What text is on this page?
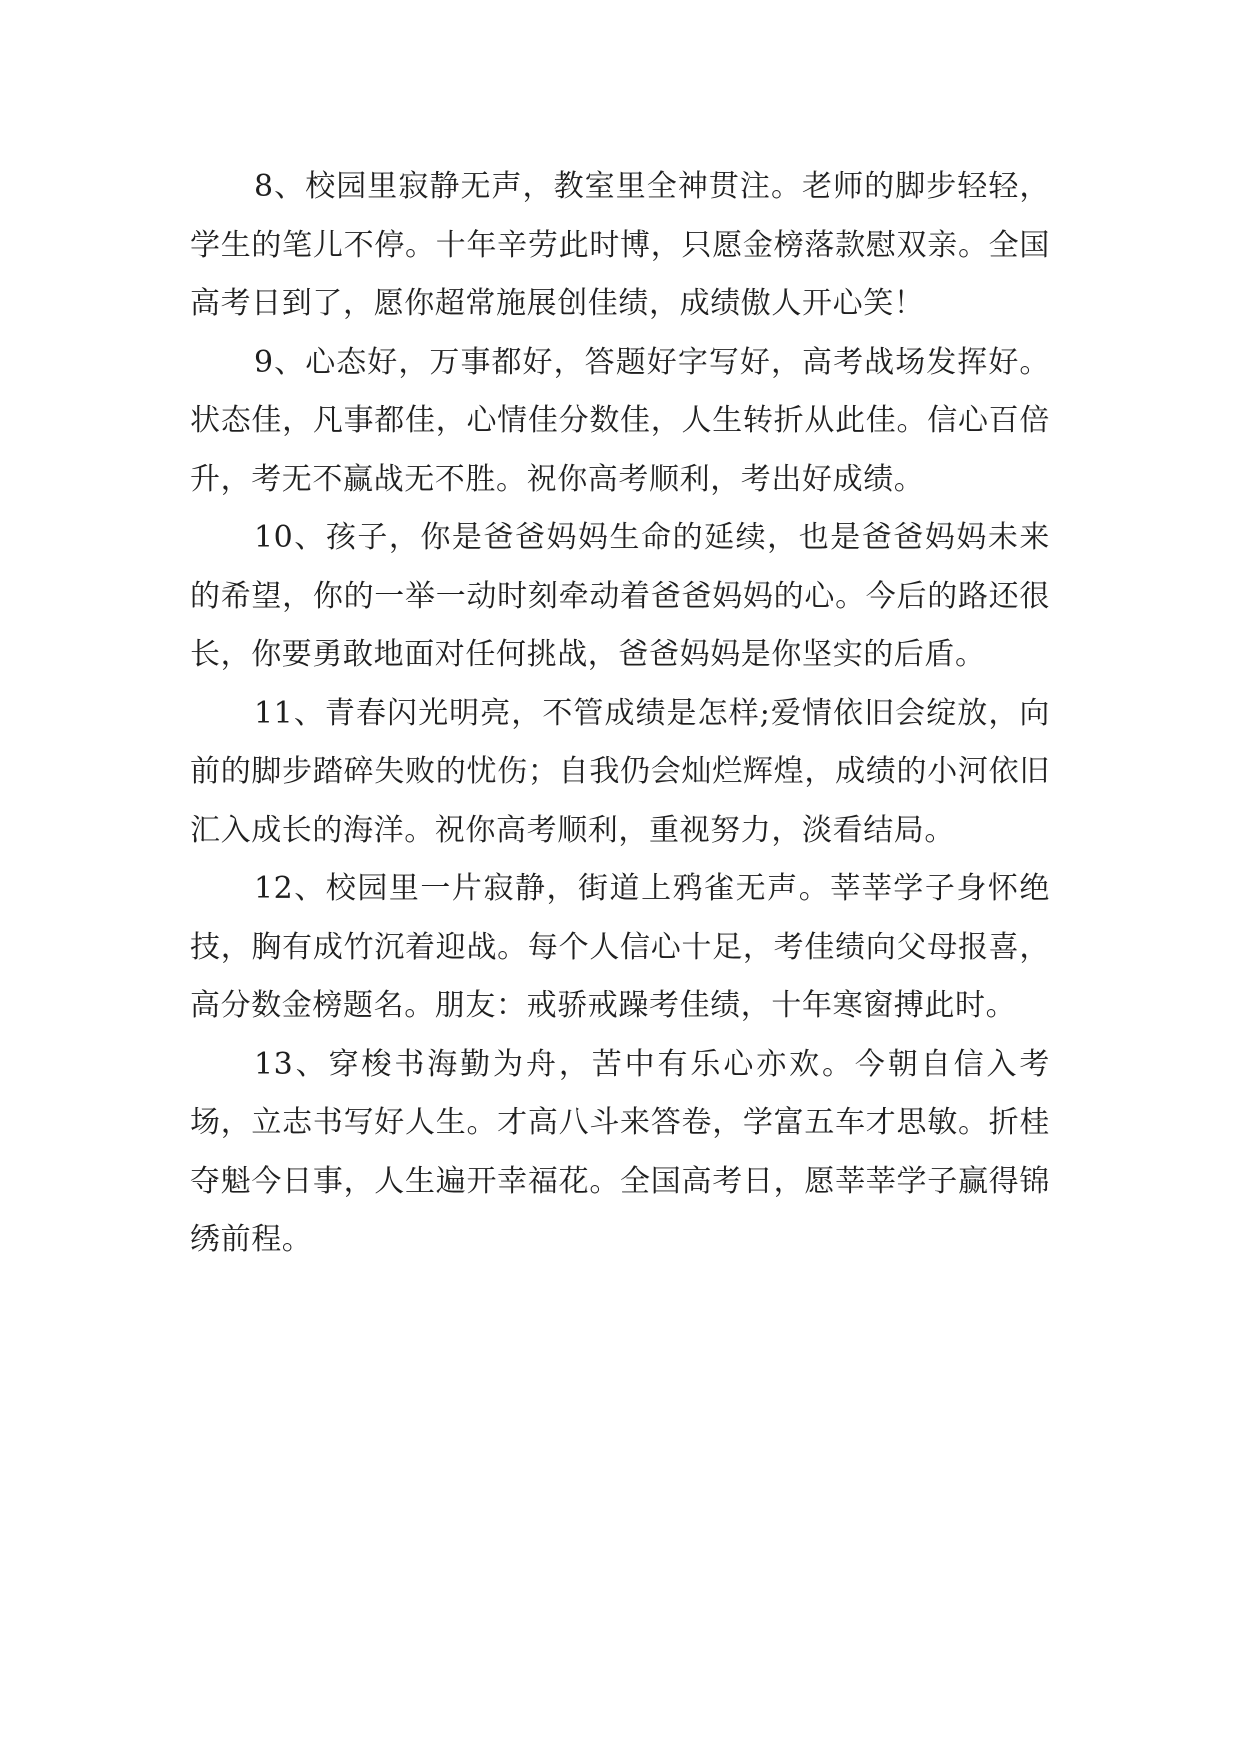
8、校园里寂静无声，教室里全神贯注。老师的脚步轻轻，学生的笔儿不停。十年辛劳此时博，只愿金榜落款慰双亲。全国高考日到了，愿你超常施展创佳绩，成绩傲人开心笑！

9、心态好，万事都好，答题好字写好，高考战场发挥好。状态佳，凡事都佳，心情佳分数佳，人生转折从此佳。信心百倍升，考无不赢战无不胜。祝你高考顺利，考出好成绩。

10、孩子，你是爸爸妈妈生命的延续，也是爸爸妈妈未来的希望，你的一举一动时刻牵动着爸爸妈妈的心。今后的路还很长，你要勇敢地面对任何挑战，爸爸妈妈是你坚实的后盾。

11、青春闪光明亮，不管成绩是怎样;爱情依旧会绽放，向前的脚步踏碎失败的忧伤；自我仍会灿烂辉煌，成绩的小河依旧汇入成长的海洋。祝你高考顺利，重视努力，淡看结局。

12、校园里一片寂静，街道上鸦雀无声。莘莘学子身怀绝技，胸有成竹沉着迎战。每个人信心十足，考佳绩向父母报喜，高分数金榜题名。朋友：戒骄戒躁考佳绩，十年寒窗搏此时。

13、穿梭书海勤为舟，苦中有乐心亦欢。今朝自信入考场，立志书写好人生。才高八斗来答卷，学富五车才思敏。折桂夺魁今日事，人生遍开幸福花。全国高考日，愿莘莘学子赢得锦绣前程。
